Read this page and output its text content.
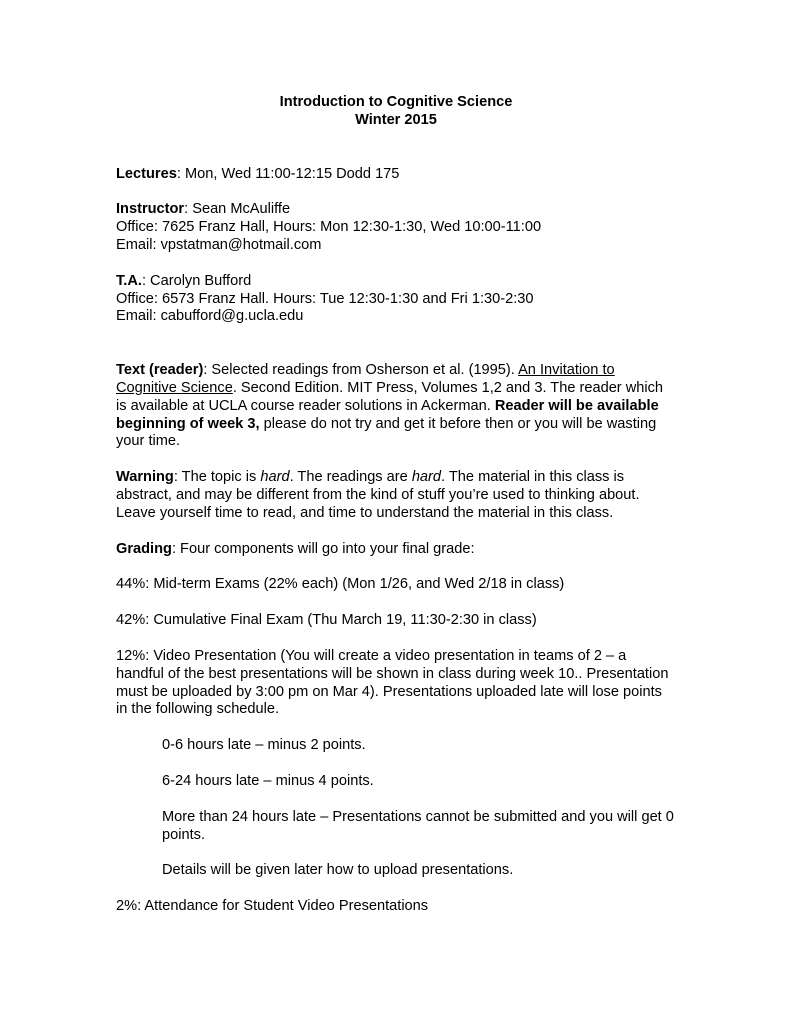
Introduction to Cognitive Science

Winter 2015

Lectures: Mon, Wed 11:00-12:15 Dodd 175

Instructor: Sean McAuliffe

Office: 7625 Franz Hall, Hours: Mon 12:30-1:30, Wed 10:00-11:00

Email: vpstatman@hotmail.com

T.A.: Carolyn Bufford

Office: 6573 Franz Hall. Hours: Tue 12:30-1:30 and Fri 1:30-2:30

Email: cabufford@g.ucla.edu

Text (reader): Selected readings from Osherson et al. (1995). An Invitation to Cognitive Science. Second Edition. MIT Press, Volumes 1,2 and 3. The reader which is available at UCLA course reader solutions in Ackerman. Reader will be available beginning of week 3, please do not try and get it before then or you will be wasting your time.

Warning: The topic is hard. The readings are hard. The material in this class is abstract, and may be different from the kind of stuff you’re used to thinking about. Leave yourself time to read, and time to understand the material in this class.

Grading: Four components will go into your final grade:

44%: Mid-term Exams (22% each) (Mon 1/26, and Wed 2/18 in class)

42%: Cumulative Final Exam (Thu March 19, 11:30-2:30 in class)

12%: Video Presentation (You will create a video presentation in teams of 2 – a handful of the best presentations will be shown in class during week 10.. Presentation must be uploaded by 3:00 pm on Mar 4). Presentations uploaded late will lose points in the following schedule.

0-6 hours late – minus 2 points.

6-24 hours late – minus 4 points.

More than 24 hours late – Presentations cannot be submitted and you will get 0 points.

Details will be given later how to upload presentations.

2%: Attendance for Student Video Presentations
